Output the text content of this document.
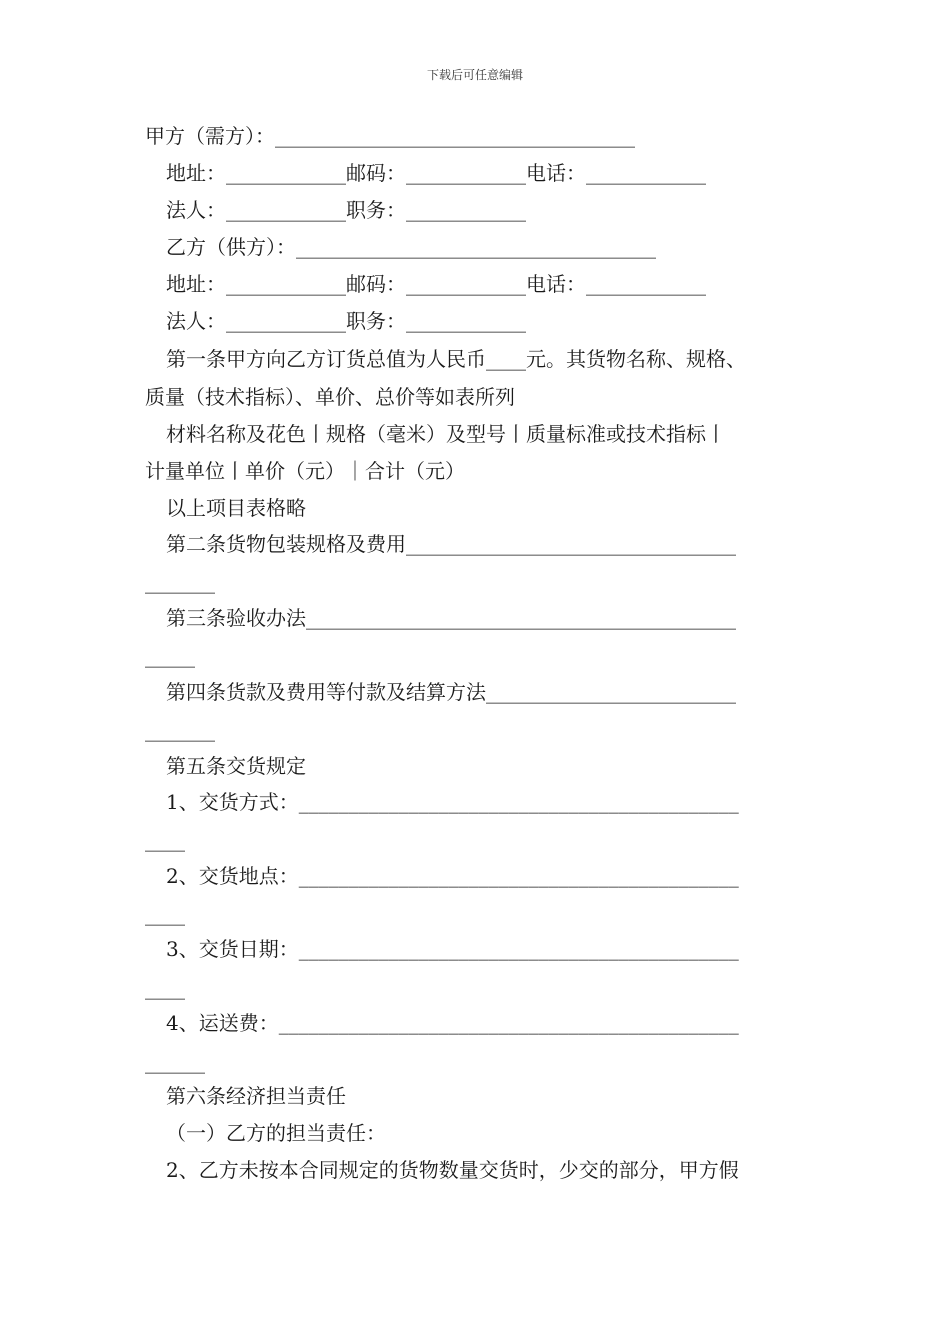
下载后可任意编辑
甲方（需方）：____________________________________
地址：____________邮码：____________电话：____________
法人：____________职务：____________
乙方（供方）：____________________________________
地址：____________邮码：____________电话：____________
法人：____________职务：____________
第一条甲方向乙方订货总值为人民币____元。其货物名称、规格、
质量（技术指标）、单价、总价等如表所列
材料名称及花色丨规格（毫米）及型号丨质量标准或技术指标丨
计量单位丨单价（元）｜合计（元）
以上项目表格略
第二条货物包装规格及费用_________________________________
_______
第三条验收办法___________________________________________
_____
第四条货款及费用等付款及结算方法_________________________
_______
第五条交货规定
1、交货方式：____________________________________________
____
2、交货地点：____________________________________________
____
3、交货日期：____________________________________________
____
4、运送费：______________________________________________
______
第六条经济担当责任
（一）乙方的担当责任：
2、乙方未按本合同规定的货物数量交货时，少交的部分，甲方假
